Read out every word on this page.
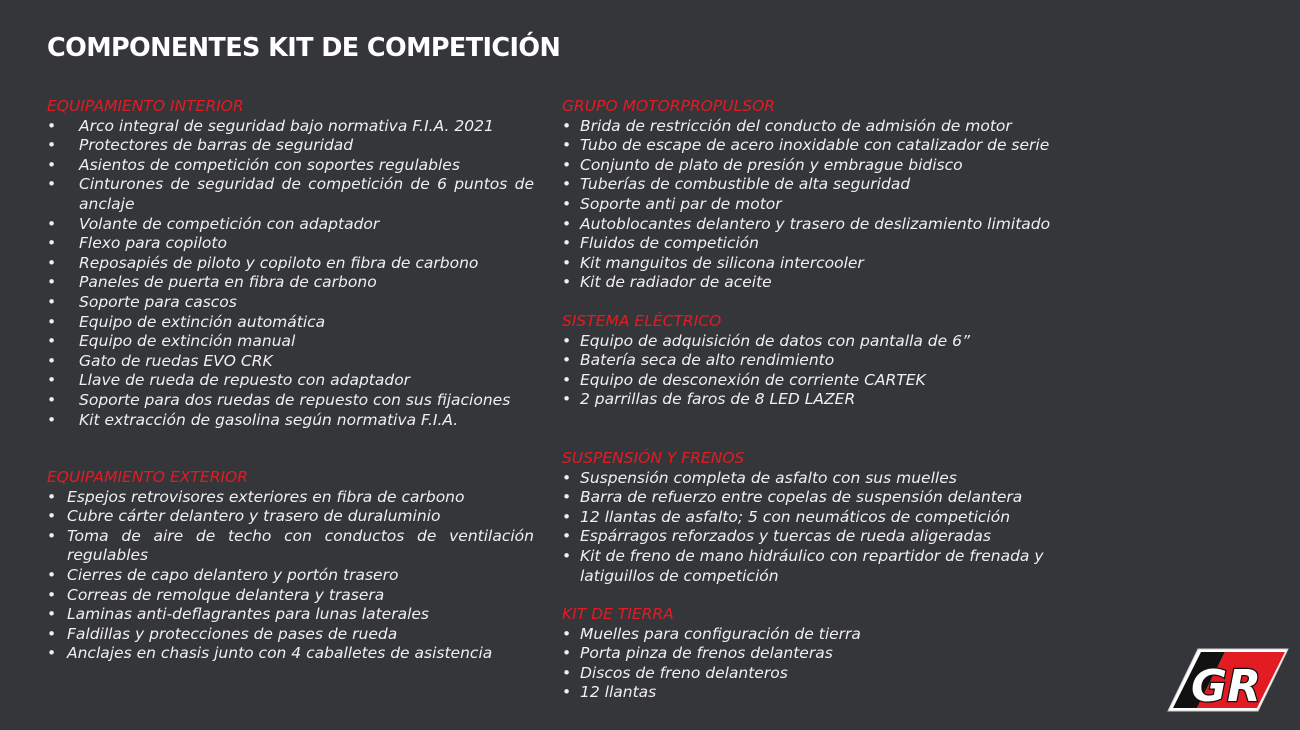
COMPONENTES KIT DE COMPETICIÓN
EQUIPAMIENTO INTERIOR
• Arco integral de seguridad bajo normativa F.I.A. 2021
• Protectores de barras de seguridad
• Asientos de competición con soportes regulables
• Cinturones de seguridad de competición de 6 puntos de anclaje
• Volante de competición con adaptador
• Flexo para copiloto
• Reposapiés de piloto y copiloto en fibra de carbono
• Paneles de puerta en fibra de carbono
• Soporte para cascos
• Equipo de extinción automática
• Equipo de extinción manual
• Gato de ruedas EVO CRK
• Llave de rueda de repuesto con adaptador
• Soporte para dos ruedas de repuesto con sus fijaciones
• Kit extracción de gasolina según normativa F.I.A.
EQUIPAMIENTO EXTERIOR
• Espejos retrovisores exteriores en fibra de carbono
• Cubre cárter delantero y trasero de duraluminio
• Toma de aire de techo con conductos de ventilación regulables
• Cierres de capo delantero y portón trasero
• Correas de remolque delantera y trasera
• Laminas anti-deflagrantes para lunas laterales
• Faldillas y protecciones de pases de rueda
• Anclajes en chasis junto con 4 caballetes de asistencia
GRUPO MOTORPROPULSOR
• Brida de restricción del conducto de admisión de motor
• Tubo de escape de acero inoxidable con catalizador de serie
• Conjunto de plato de presión y embrague bidisco
• Tuberías de combustible de alta seguridad
• Soporte anti par de motor
• Autoblocantes delantero y trasero de deslizamiento limitado
• Fluidos de competición
• Kit manguitos de silicona intercooler
• Kit de radiador de aceite
SISTEMA ELÉCTRICO
• Equipo de adquisición de datos con pantalla de 6”
• Batería seca de alto rendimiento
• Equipo de desconexión de corriente CARTEK
• 2 parrillas de faros de 8 LED LAZER
SUSPENSIÓN Y FRENOS
• Suspensión completa de asfalto con sus muelles
• Barra de refuerzo entre copelas de suspensión delantera
• 12 llantas de asfalto; 5 con neumáticos de competición
• Espárragos reforzados y tuercas de rueda aligeradas
• Kit de freno de mano hidráulico con repartidor de frenada y latiguillos de competición
KIT DE TIERRA
• Muelles para configuración de tierra
• Porta pinza de frenos delanteras
• Discos de freno delanteros
• 12 llantas	GR
